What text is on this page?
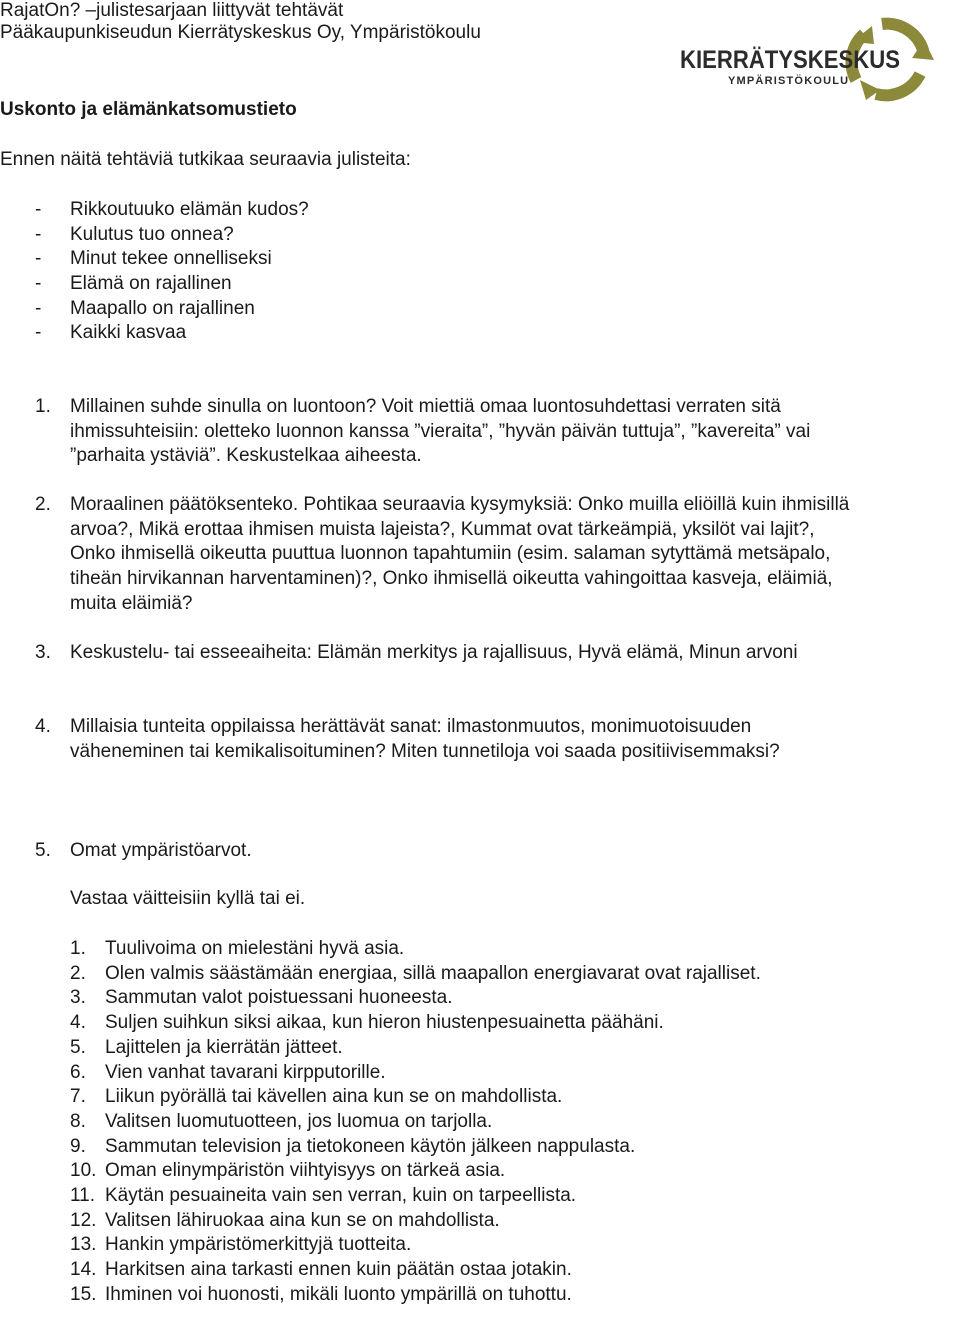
RajatOn? –julistesarjaan liittyvät tehtävät
Pääkaupunkiseudun Kierrätyskeskus Oy, Ympäristökoulu
KIERRÄTYSKESKUS
YMPÄRISTÖKOULU
Uskonto ja elämänkatsomustieto
Ennen näitä tehtäviä tutkikaa seuraavia julisteita:
- Rikkoutuuko elämän kudos?
- Kulutus tuo onnea?
- Minut tekee onnelliseksi
- Elämä on rajallinen
- Maapallo on rajallinen
- Kaikki kasvaa
1. Millainen suhde sinulla on luontoon? Voit miettiä omaa luontosuhdettasi verraten sitä ihmissuhteisiin: oletteko luonnon kanssa ”vieraita”, ”hyvän päivän tuttuja”, ”kavereita” vai ”parhaita ystäviä”. Keskustelkaa aiheesta.
2. Moraalinen päätöksenteko. Pohtikaa seuraavia kysymyksiä: Onko muilla eliöillä kuin ihmisillä arvoa?, Mikä erottaa ihmisen muista lajeista?, Kummat ovat tärkeämpiä, yksilöt vai lajit?, Onko ihmisellä oikeutta puuttua luonnon tapahtumiin (esim. salaman sytyttämä metsäpalo, tiheän hirvikannan harventaminen)?, Onko ihmisellä oikeutta vahingoittaa kasveja, eläimiä, muita eläimiä?
3. Keskustelu- tai esseeaiheita: Elämän merkitys ja rajallisuus, Hyvä elämä, Minun arvoni
4. Millaisia tunteita oppilaissa herättävät sanat: ilmastonmuutos, monimuotoisuuden väheneminen tai kemikalisoituminen? Miten tunnetiloja voi saada positiivisemmaksi?
5. Omat ympäristöarvot.
Vastaa väitteisiin kyllä tai ei.
1. Tuulivoima on mielestäni hyvä asia.
2. Olen valmis säästämään energiaa, sillä maapallon energiavarat ovat rajalliset.
3. Sammutan valot poistuessani huoneesta.
4. Suljen suihkun siksi aikaa, kun hieron hiustenpesuainetta päähäni.
5. Lajittelen ja kierrätän jätteet.
6. Vien vanhat tavarani kirpputorille.
7. Liikun pyörällä tai kävellen aina kun se on mahdollista.
8. Valitsen luomutuotteen, jos luomua on tarjolla.
9. Sammutan television ja tietokoneen käytön jälkeen nappulasta.
10. Oman elinympäristön viihtyisyys on tärkeä asia.
11. Käytän pesuaineita vain sen verran, kuin on tarpeellista.
12. Valitsen lähiruokaa aina kun se on mahdollista.
13. Hankin ympäristömerkittyjä tuotteita.
14. Harkitsen aina tarkasti ennen kuin päätän ostaa jotakin.
15. Ihminen voi huonosti, mikäli luonto ympärillä on tuhottu.
